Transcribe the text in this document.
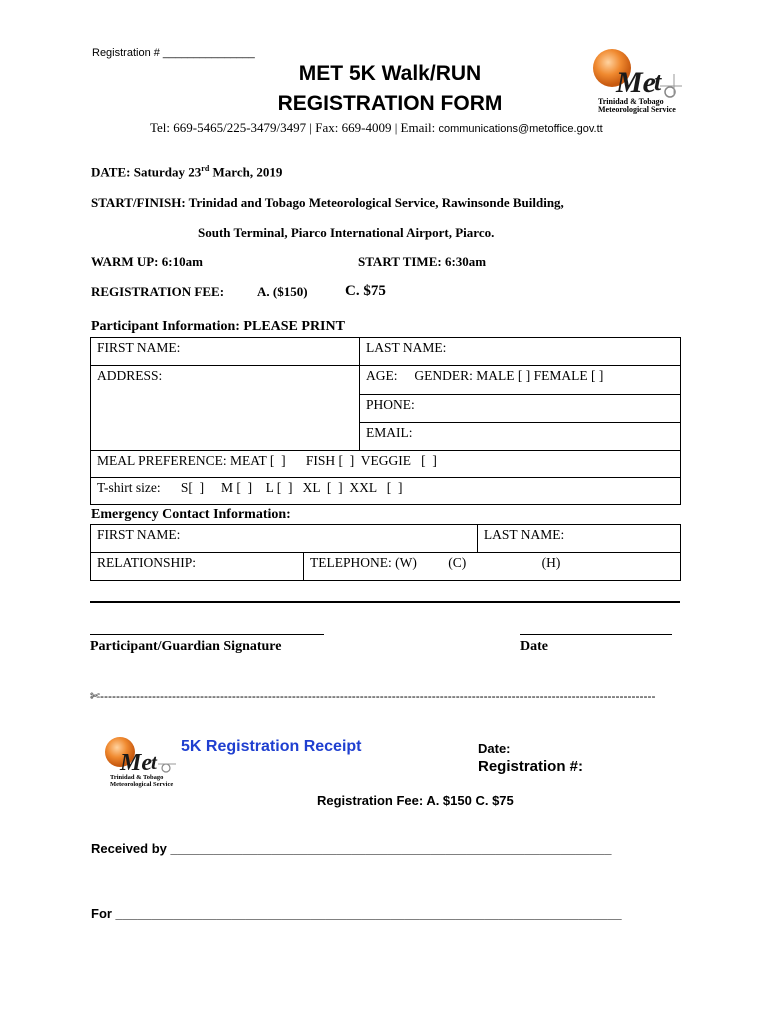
Registration # _______________
MET 5K Walk/RUN
REGISTRATION FORM
Tel: 669-5465/225-3479/3497 | Fax: 669-4009 | Email: communications@metoffice.gov.tt
Me
t
Trinidad & Tobago
Meteorological Service
DATE: Saturday 23rd March, 2019
START/FINISH: Trinidad and Tobago Meteorological Service, Rawinsonde Building,
South Terminal, Piarco International Airport, Piarco.
WARM UP: 6:10am	START TIME: 6:30am
REGISTRATION FEE:	A. ($150) C. $75
Participant Information: PLEASE PRINT
FIRST NAME:	LAST NAME:
ADDRESS:	AGE: GENDER: MALE [ ] FEMALE [ ]
	PHONE:
	EMAIL:
MEAL PREFERENCE: MEAT [  ]      FISH [  ]  VEGGIE   [  ]	
T-shirt size:      S[  ]     M [  ]    L [  ]   XL  [  ]  XXL   [  ]	
Emergency Contact Information:
FIRST NAME:		LAST NAME:
RELATIONSHIP:	TELEPHONE: (W) (C) (H)	
Participant/Guardian Signature	Date
✄-------------------------------------------------------------------------------------------------------------------------------------------
Me t
Trinidad & Tobago
Meteorological Service
5K Registration Receipt	Date:
Registration #:
Registration Fee: A. $150 C. $75
Received by _____________________________________________________________
For ______________________________________________________________________
